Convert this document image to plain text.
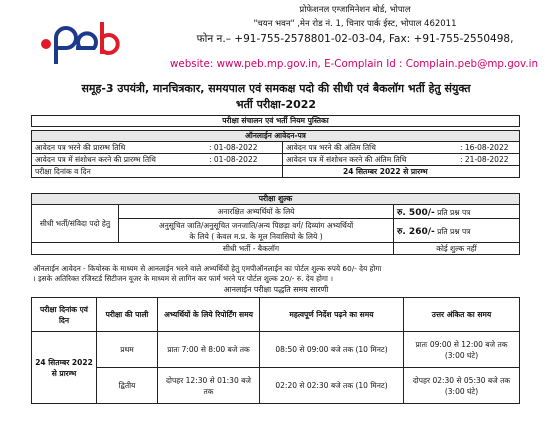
प्रोफेशनल एग्जामिनेशन बोर्ड, भोपाल
"चयन भवन" ,मेन रोड नं. 1, चिनार पार्क ईस्ट, भोपाल 462011
फोन न.– +91-755-2578801-02-03-04, Fax: +91-755-2550498,
website: www.peb.mp.gov.in, E-Complain Id : Complain.peb@mp.gov.in
समूह-3 उपयंत्री, मानचित्रकार, समयपाल एवं समकक्ष पदो की सीधी एवं बैकलॉग भर्ती हेतु संयुक्त
भर्ती परीक्षा-2022
परीक्षा संचालन एवं भर्ती नियम पुस्तिका
ऑनलाईन आवेदन-पत्र			
आवेदन पत्र भरने की प्रारम्भ तिथि	: 01-08-2022	आवेदन पत्र भरने की अंतिम तिथि	: 16-08-2022
आवेदन पत्र में संशोधन करने की प्रारम्भ तिथि	: 01-08-2022	आवेदन पत्र में संशोधन करने की अंतिम तिथि	: 21-08-2022
परीक्षा दिनांक व दिन		24 सितम्बर 2022 से प्रारम्भ	
परीक्षा शुल्क		
सीधी भर्ती/संविदा पदो हेतु	अनारक्षित अभ्यर्थियों के लिये	रु. 500/- प्रति प्रश्न पत्र
	अनुसूचित जाति/अनुसूचित जनजाति/अन्य पिछड़ा वर्ग/ दिव्यांग अभ्यर्थियों
के लिये ( केवल म.प्र. के मूल निवासियो के लिये )	रु. 260/- प्रति प्रश्न पत्र
सीधी भर्ती - बैकलॉग		कोई शुल्क नहीं
ऑनलाईन आवेदन - कियोस्क के माध्यम से आनलाईन भरने वाले अभ्यर्थियों हेतु एमपीऑनलाईन का पोर्टल शुल्क रुपये 60/- देय होगा
। इसके अतिरिक्त रजिस्टर्ड सिटीजन यूजर के माध्यम से लागिन कर फार्म भरने पर पोर्टल शुल्क 20/- रु. देय होगा ।
आनलाईन परीक्षा पद्धति समय सारणी
परीक्षा दिनांक एवं दिन	परीक्षा की पाली	अभ्यर्थियों के लिये रिपोर्टिंग समय	महत्वपूर्ण निर्देश पढ़ने का समय	उत्तर अंकित का समय
24 सितम्बर 2022 से प्रारम्भ	प्रथम	प्रातः 7:00 से 8:00 बजे तक	08:50 से 09:00 बजे तक (10 मिनट)	प्रातः 09:00 से 12:00 बजे तक (3:00 घंटे)
	द्वितीय	दोपहर 12:30 से 01:30 बजे तक	02:20 से 02:30 बजे तक (10 मिनट)	दोपहर 02:30 से 05:30 बजे तक (3:00 घंटे)
